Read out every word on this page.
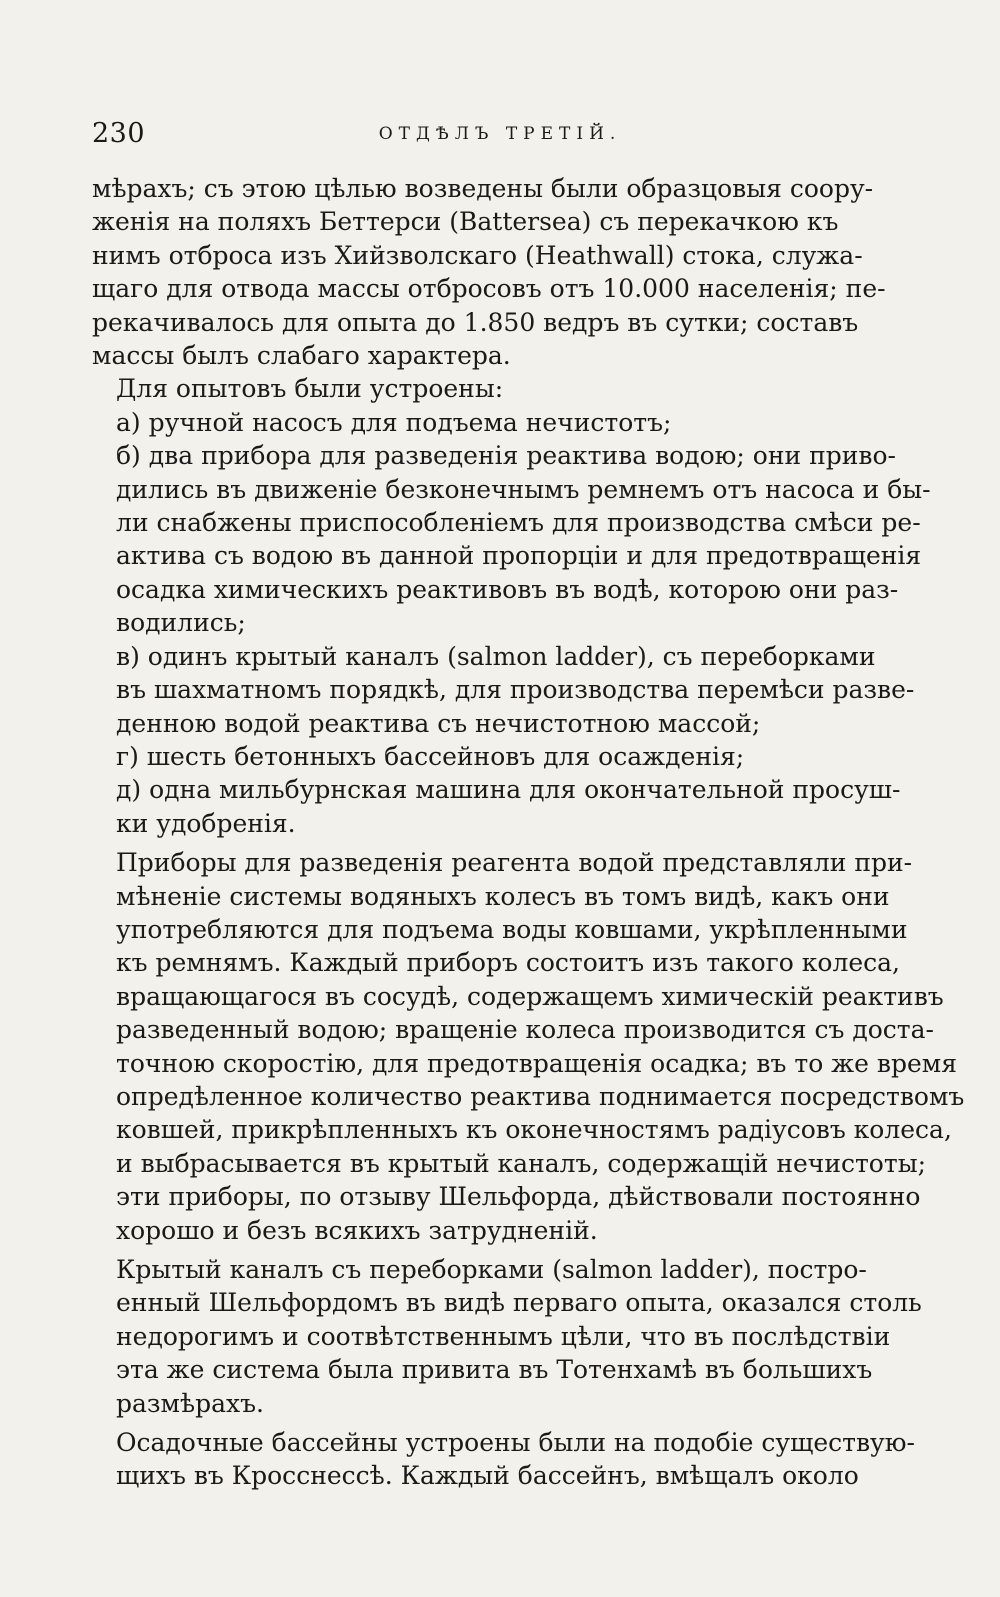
230	ОТДѢЛЪ ТРЕТIЙ.

мѣрахъ; съ этою цѣлью возведены были образцовыя соору-
женія на поляхъ Беттерси (Battersea) съ перекачкою къ
нимъ отброса изъ Хийзволскаго (Heathwall) стока, служа-
щаго для отвода массы отбросовъ отъ 10.000 населенія; пе-
рекачивалось для опыта до 1.850 ведръ въ сутки; составъ
массы былъ слабаго характера.

Для опытовъ были устроены:

а) ручной насосъ для подъема нечистотъ;

б) два прибора для разведенія реактива водою; они приво-
дились въ движеніе безконечнымъ ремнемъ отъ насоса и бы-
ли снабжены приспособленіемъ для производства смѣси ре-
актива съ водою въ данной пропорціи и для предотвращенія
осадка химическихъ реактивовъ въ водѣ, которою они раз-
водились;

в) одинъ крытый каналъ (salmon ladder), съ переборками
въ шахматномъ порядкѣ, для производства перемѣси разве-
денною водой реактива съ нечистотною массой;

г) шесть бетонныхъ бассейновъ для осажденія;

д) одна мильбурнская машина для окончательной просуш-
ки удобренія.

Приборы для разведенія реагента водой представляли при-
мѣненіе системы водяныхъ колесъ въ томъ видѣ, какъ они
употребляются для подъема воды ковшами, укрѣпленными
къ ремнямъ. Каждый приборъ состоитъ изъ такого колеса,
вращающагося въ сосудѣ, содержащемъ химическій реактивъ
разведенный водою; вращеніе колеса производится съ доста-
точною скоростію, для предотвращенія осадка; въ то же время
опредѣленное количество реактива поднимается посредствомъ
ковшей, прикрѣпленныхъ къ оконечностямъ радіусовъ колеса,
и выбрасывается въ крытый каналъ, содержащій нечистоты;
эти приборы, по отзыву Шельфорда, дѣйствовали постоянно
хорошо и безъ всякихъ затрудненій.

Крытый каналъ съ переборками (salmon ladder), постро-
енный Шельфордомъ въ видѣ перваго опыта, оказался столь
недорогимъ и соотвѣтственнымъ цѣли, что въ послѣдствіи
эта же система была привита въ Тотенхамѣ въ большихъ
размѣрахъ.

Осадочные бассейны устроены были на подобіе существую-
щихъ въ Кросснессѣ. Каждый бассейнъ, вмѣщалъ около
